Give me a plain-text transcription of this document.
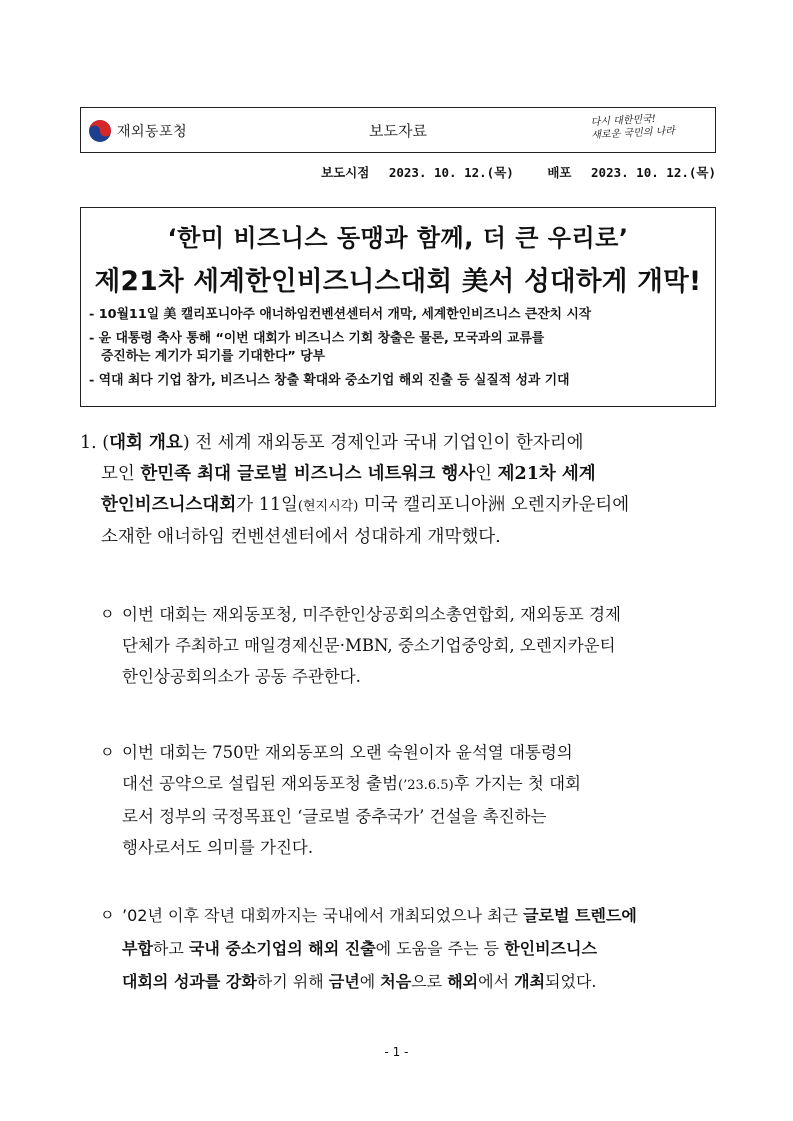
재외동포청	보도자료
다시 대한민국!
새로운 국민의 나라
보도시점 2023. 10. 12.(목)	배포 2023. 10. 12.(목)
‘한미 비즈니스 동맹과 함께, 더 큰 우리로’
제21차 세계한인비즈니스대회 美서 성대하게 개막!
- 10월11일 美 캘리포니아주 애너하임컨벤션센터서 개막, 세계한인비즈니스 큰잔치 시작
- 윤 대통령 축사 통해 “이번 대회가 비즈니스 기회 창출은 물론, 모국과의 교류를
증진하는 계기가 되기를 기대한다” 당부
- 역대 최다 기업 참가, 비즈니스 창출 확대와 중소기업 해외 진출 등 실질적 성과 기대
1. (대회 개요) 전 세계 재외동포 경제인과 국내 기업인이 한자리에
모인 한민족 최대 글로벌 비즈니스 네트워크 행사인 제21차 세계
한인비즈니스대회가 11일(현지시각) 미국 캘리포니아洲 오렌지카운티에
소재한 애너하임 컨벤션센터에서 성대하게 개막했다.
ㅇ 이번 대회는 재외동포청, 미주한인상공회의소총연합회, 재외동포 경제
단체가 주최하고 매일경제신문·MBN, 중소기업중앙회, 오렌지카운티
한인상공회의소가 공동 주관한다.
ㅇ 이번 대회는 750만 재외동포의 오랜 숙원이자 윤석열 대통령의
대선 공약으로 설립된 재외동포청 출범(’23.6.5)후 가지는 첫 대회
로서 정부의 국정목표인 ‘글로벌 중추국가’ 건설을 촉진하는
행사로서도 의미를 가진다.
ㅇ ’02년 이후 작년 대회까지는 국내에서 개최되었으나 최근 글로벌 트렌드에
부합하고 국내 중소기업의 해외 진출에 도움을 주는 등 한인비즈니스
대회의 성과를 강화하기 위해 금년에 처음으로 해외에서 개최되었다.
- 1 -
